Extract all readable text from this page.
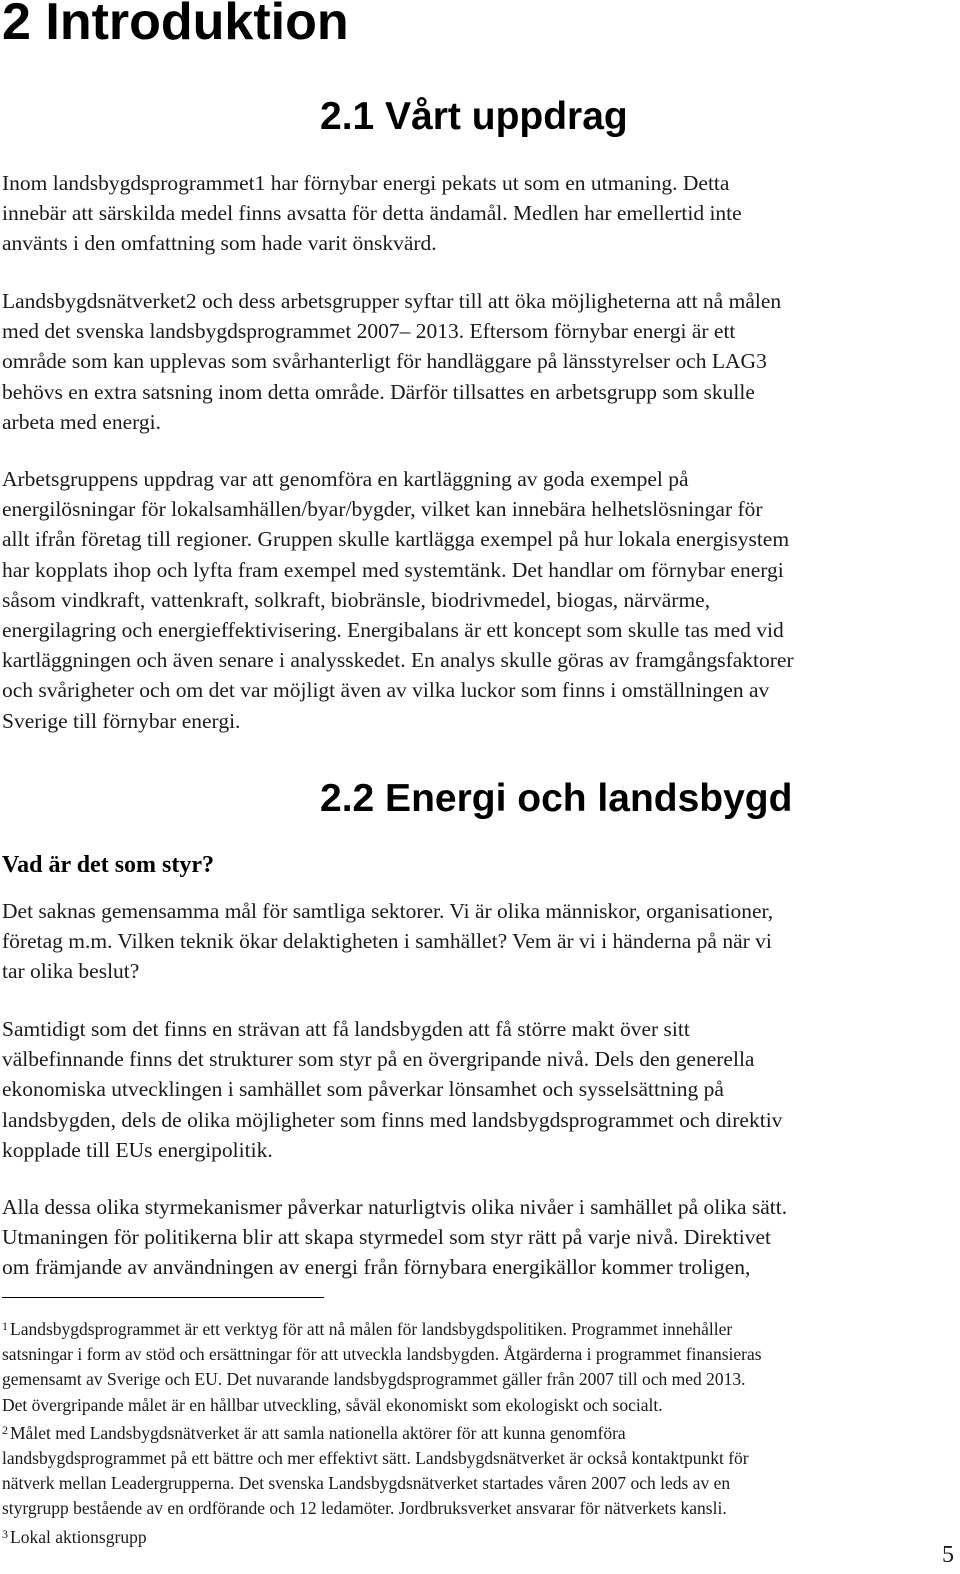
2 Introduktion
2.1 Vårt uppdrag

Inom landsbygdsprogrammet1 har förnybar energi pekats ut som en utmaning. Detta
innebär att särskilda medel finns avsatta för detta ändamål. Medlen har emellertid inte
använts i den omfattning som hade varit önskvärd.

Landsbygdsnätverket2 och dess arbetsgrupper syftar till att öka möjligheterna att nå målen
med det svenska landsbygdsprogrammet 2007– 2013. Eftersom förnybar energi är ett
område som kan upplevas som svårhanterligt för handläggare på länsstyrelser och LAG3
behövs en extra satsning inom detta område. Därför tillsattes en arbetsgrupp som skulle
arbeta med energi.

Arbetsgruppens uppdrag var att genomföra en kartläggning av goda exempel på
energilösningar för lokalsamhällen/byar/bygder, vilket kan innebära helhetslösningar för
allt ifrån företag till regioner. Gruppen skulle kartlägga exempel på hur lokala energisystem
har kopplats ihop och lyfta fram exempel med systemtänk. Det handlar om förnybar energi
såsom vindkraft, vattenkraft, solkraft, biobränsle, biodrivmedel, biogas, närvärme,
energilagring och energieffektivisering. Energibalans är ett koncept som skulle tas med vid
kartläggningen och även senare i analysskedet. En analys skulle göras av framgångsfaktorer
och svårigheter och om det var möjligt även av vilka luckor som finns i omställningen av
Sverige till förnybar energi.

2.2 Energi och landsbygd
Vad är det som styr?

Det saknas gemensamma mål för samtliga sektorer. Vi är olika människor, organisationer,
företag m.m. Vilken teknik ökar delaktigheten i samhället? Vem är vi i händerna på när vi
tar olika beslut?

Samtidigt som det finns en strävan att få landsbygden att få större makt över sitt
välbefinnande finns det strukturer som styr på en övergripande nivå. Dels den generella
ekonomiska utvecklingen i samhället som påverkar lönsamhet och sysselsättning på
landsbygden, dels de olika möjligheter som finns med landsbygdsprogrammet och direktiv
kopplade till EUs energipolitik.

Alla dessa olika styrmekanismer påverkar naturligtvis olika nivåer i samhället på olika sätt.
Utmaningen för politikerna blir att skapa styrmedel som styr rätt på varje nivå. Direktivet
om främjande av användningen av energi från förnybara energikällor kommer troligen,

$^1$ Landsbygdsprogrammet är ett verktyg för att nå målen för landsbygdspolitiken. Programmet innehåller
satsningar i form av stöd och ersättningar för att utveckla landsbygden. Åtgärderna i programmet finansieras
gemensamt av Sverige och EU. Det nuvarande landsbygdsprogrammet gäller från 2007 till och med 2013.
Det övergripande målet är en hållbar utveckling, såväl ekonomiskt som ekologiskt och socialt.
$^2$ Målet med Landsbygdsnätverket är att samla nationella aktörer för att kunna genomföra
landsbygdsprogrammet på ett bättre och mer effektivt sätt. Landsbygdsnätverket är också kontaktpunkt för
nätverk mellan Leadergrupperna. Det svenska Landsbygdsnätverket startades våren 2007 och leds av en
styrgrupp bestående av en ordförande och 12 ledamöter. Jordbruksverket ansvarar för nätverkets kansli.
$^3$ Lokal aktionsgrupp

5
